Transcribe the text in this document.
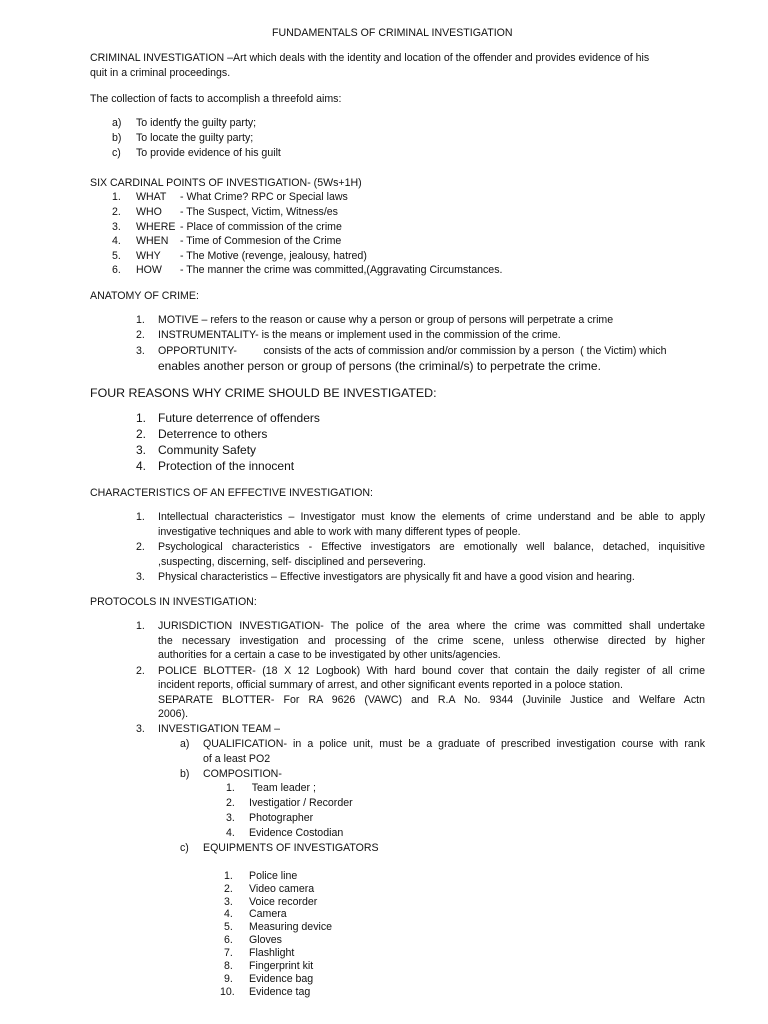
FUNDAMENTALS OF CRIMINAL INVESTIGATION
CRIMINAL INVESTIGATION –Art which deals with the identity and location of the offender and provides evidence of his
quit in a criminal proceedings.
The collection of facts to accomplish a threefold aims:
a) To identfy the guilty party;
b) To locate the guilty party;
c) To provide evidence of his guilt
SIX CARDINAL POINTS OF INVESTIGATION- (5Ws+1H)
1. WHAT - What Crime? RPC or Special laws
2. WHO - The Suspect, Victim, Witness/es
3. WHERE - Place of commission of the crime
4. WHEN - Time of Commesion of the Crime
5. WHY - The Motive (revenge, jealousy, hatred)
6. HOW - The manner the crime was committed,(Aggravating Circumstances.
ANATOMY OF CRIME:
1. MOTIVE – refers to the reason or cause why a person or group of persons will perpetrate a crime
2. INSTRUMENTALITY- is the means or implement used in the commission of the crime.
3. OPPORTUNITY-         consists of the acts of commission and/or commission by a person  ( the Victim) which
enables another person or group of persons (the criminal/s) to perpetrate the crime.
FOUR REASONS WHY CRIME SHOULD BE INVESTIGATED:
1. Future deterrence of offenders
2. Deterrence to others
3. Community Safety
4. Protection of the innocent
CHARACTERISTICS OF AN EFFECTIVE INVESTIGATION:
1. Intellectual characteristics – Investigator must know the elements of crime understand and be able to apply
investigative techniques and able to work with many different types of people.
2. Psychological characteristics - Effective investigators are emotionally well balance, detached, inquisitive
,suspecting, discerning, self- disciplined and persevering.
3. Physical characteristics – Effective investigators are physically fit and have a good vision and hearing.
PROTOCOLS IN INVESTIGATION:
1. JURISDICTION INVESTIGATION- The police of the area where the crime was committed shall undertake
the necessary investigation and processing of the crime scene, unless otherwise directed by higher
authorities for a certain a case to be investigated by other units/agencies.
2. POLICE BLOTTER- (18 X 12 Logbook) With hard bound cover that contain the daily register of all crime
incident reports, official summary of arrest, and other significant events reported in a poloce station.
SEPARATE BLOTTER- For RA 9626 (VAWC) and R.A No. 9344 (Juvinile Justice and Welfare Actn
2006).
3. INVESTIGATION TEAM –
a) QUALIFICATION- in a police unit, must be a graduate of prescribed investigation course with rank
of a least PO2
b) COMPOSITION-
1. Team leader ;
2. Ivestigatior / Recorder
3. Photographer
4. Evidence Costodian
c) EQUIPMENTS OF INVESTIGATORS
1. Police line
2. Video camera
3. Voice recorder
4. Camera
5. Measuring device
6. Gloves
7. Flashlight
8. Fingerprint kit
9. Evidence bag
10. Evidence tag
